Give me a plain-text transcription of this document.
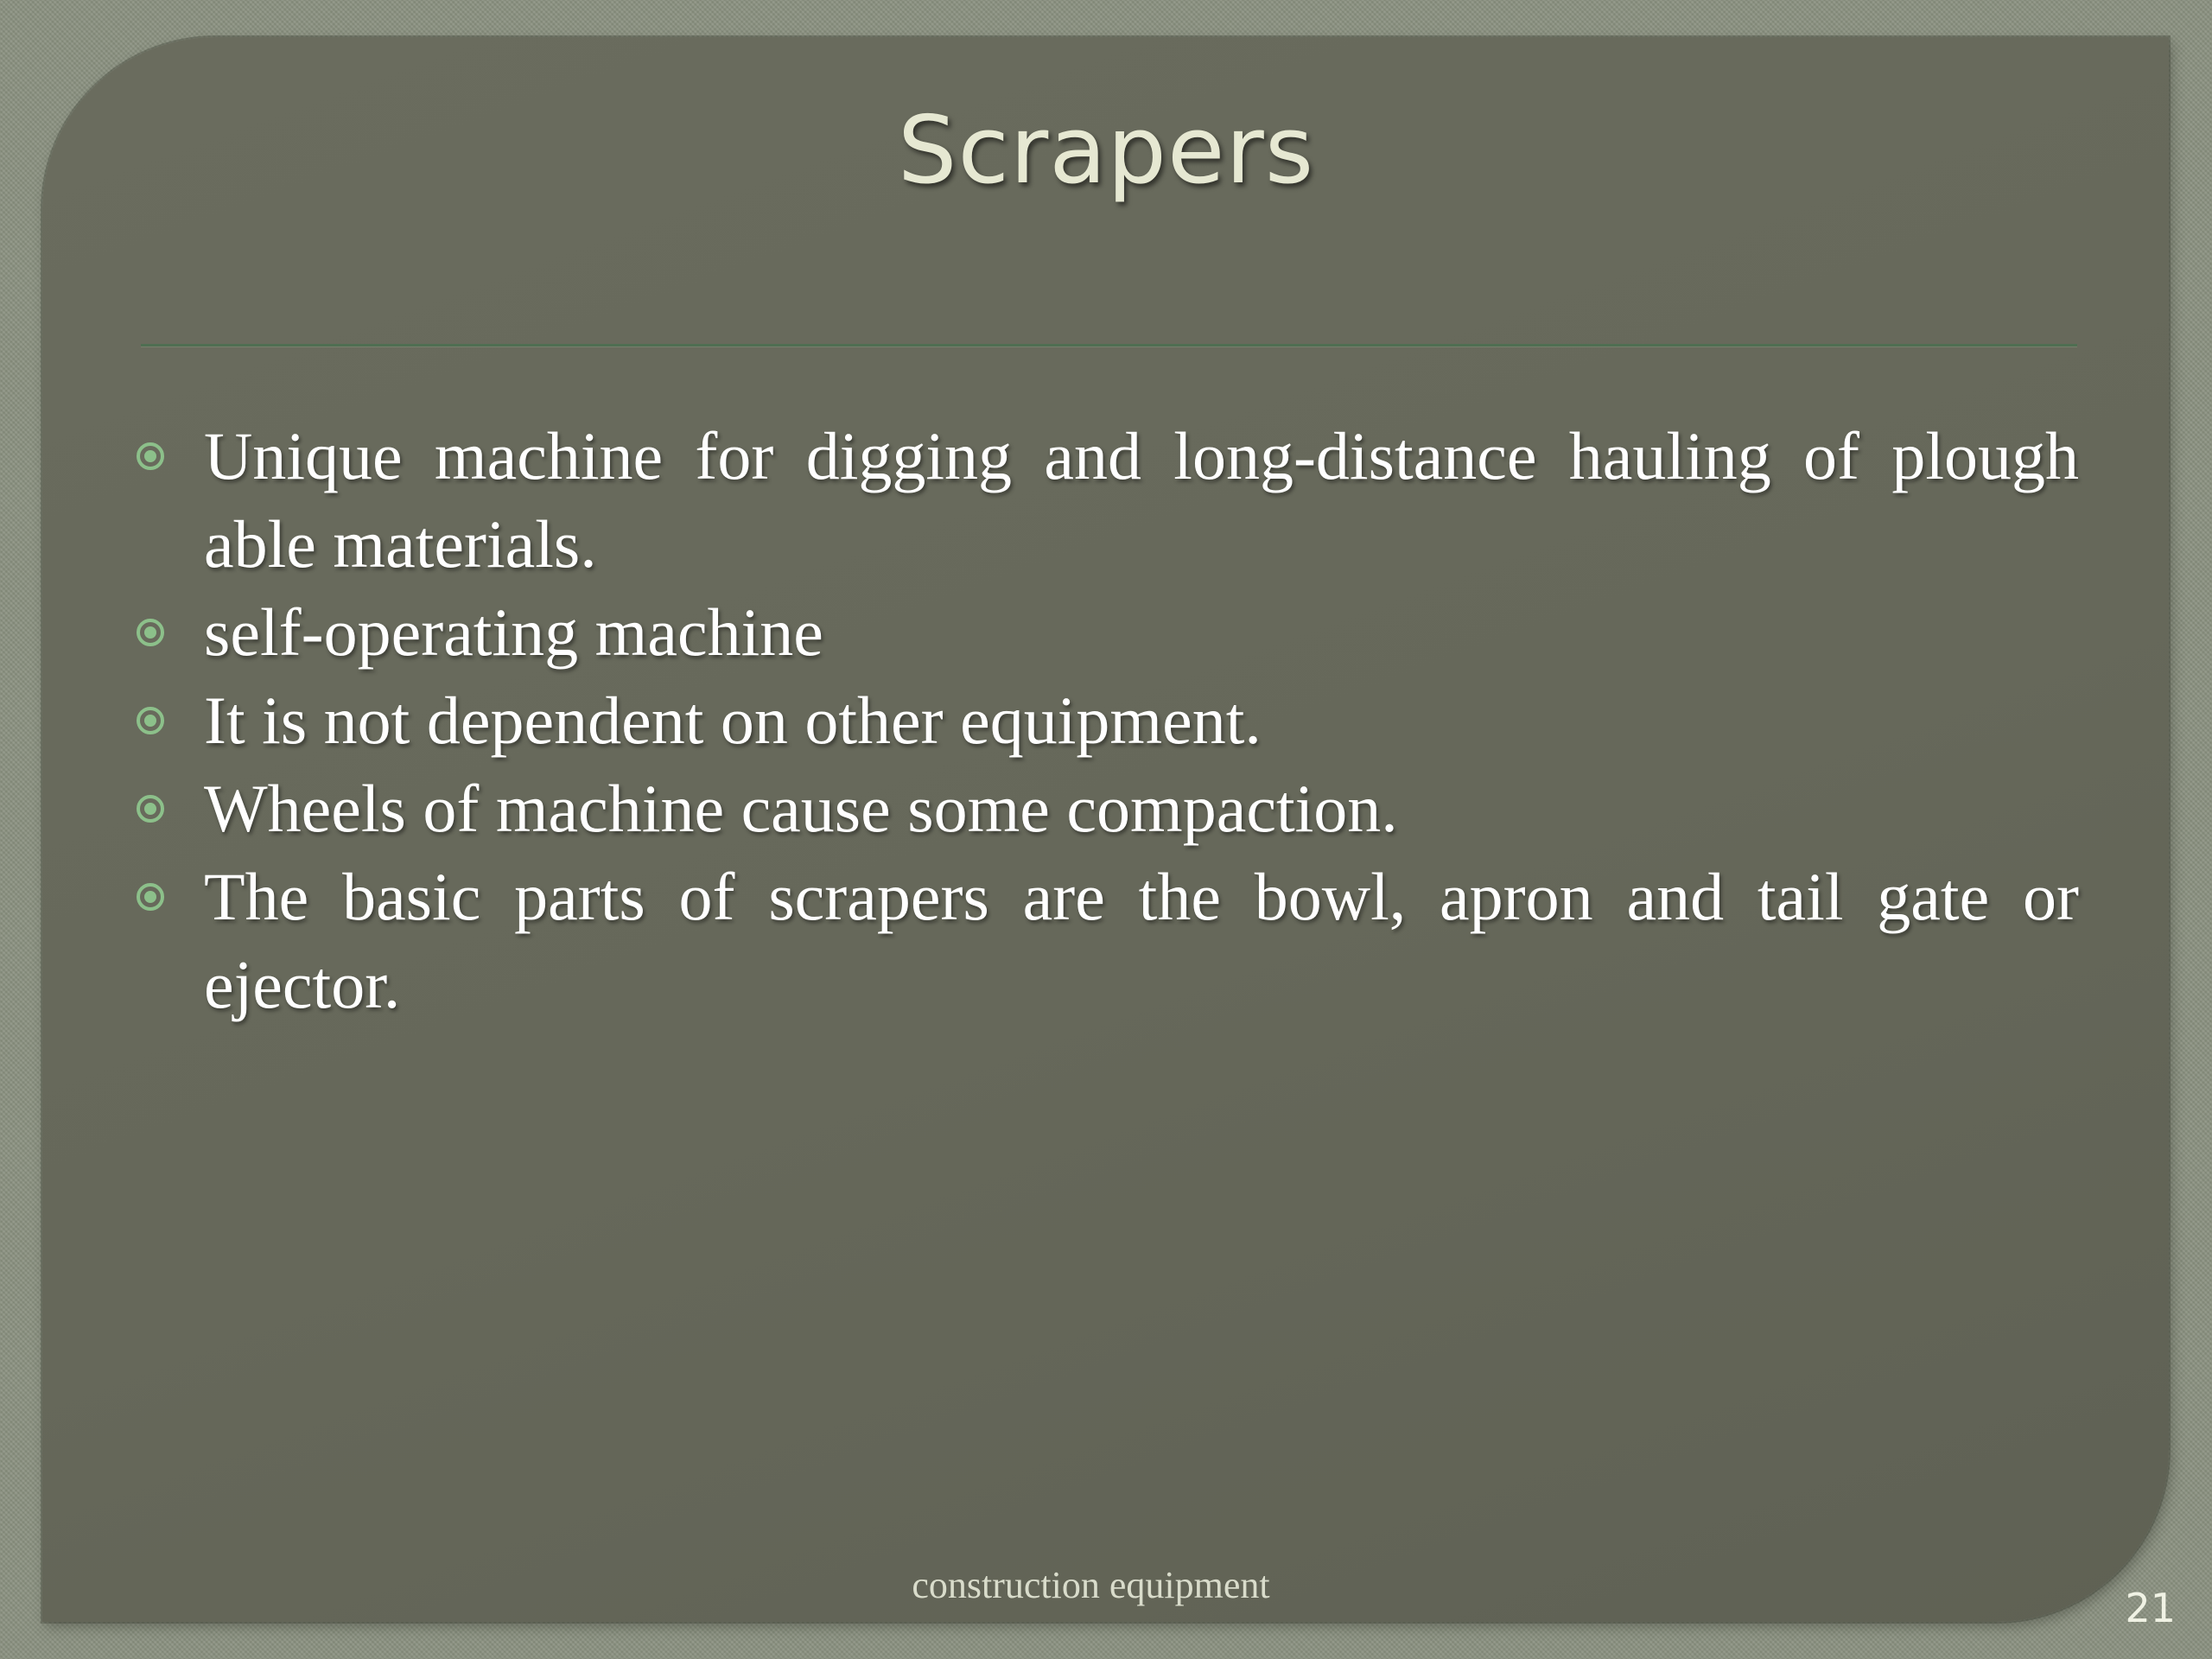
Scrapers
Unique machine for digging and long-distance hauling of plough able materials.
self-operating machine
It is not dependent on other equipment.
Wheels of machine cause some compaction.
The basic parts of scrapers are the bowl, apron and tail gate or ejector.
construction equipment	21
